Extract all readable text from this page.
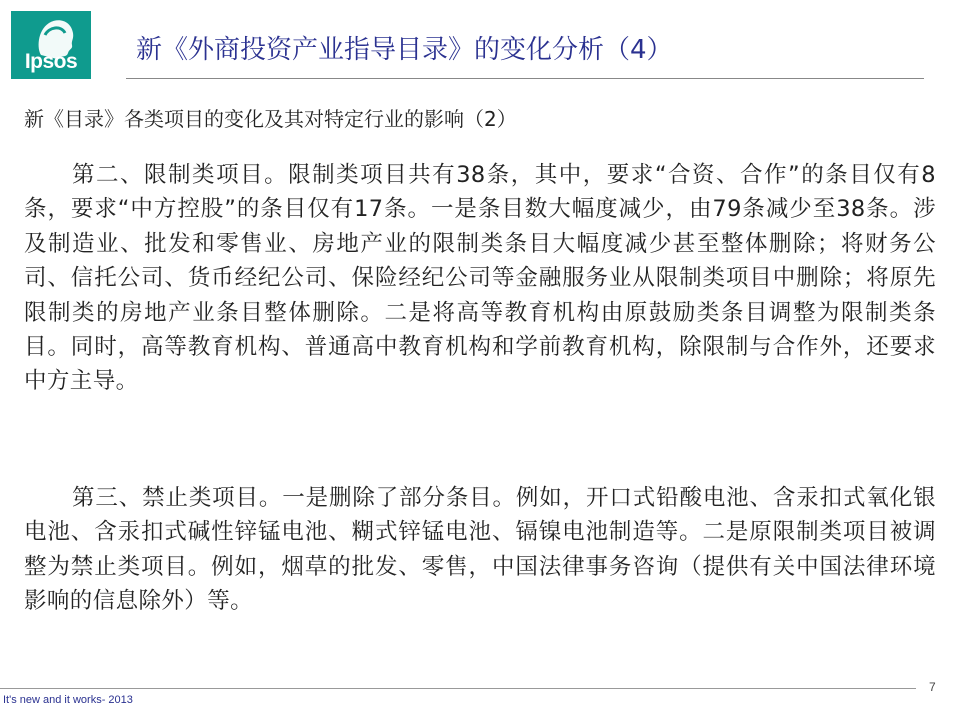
Ipsos	新《外商投资产业指导目录》的变化分析（4）
新《目录》各类项目的变化及其对特定行业的影响（2）
第二、限制类项目。限制类项目共有38条，其中，要求“合资、合作”的条目仅有8条，要求“中方控股”的条目仅有17条。一是条目数大幅度减少，由79条减少至38条。涉及制造业、批发和零售业、房地产业的限制类条目大幅度减少甚至整体删除；将财务公司、信托公司、货币经纪公司、保险经纪公司等金融服务业从限制类项目中删除；将原先限制类的房地产业条目整体删除。二是将高等教育机构由原鼓励类条目调整为限制类条目。同时，高等教育机构、普通高中教育机构和学前教育机构，除限制与合作外，还要求中方主导。
第三、禁止类项目。一是删除了部分条目。例如，开口式铅酸电池、含汞扣式氧化银电池、含汞扣式碱性锌锰电池、糊式锌锰电池、镉镍电池制造等。二是原限制类项目被调整为禁止类项目。例如，烟草的批发、零售，中国法律事务咨询（提供有关中国法律环境影响的信息除外）等。
It's new and it works- 2013
7
